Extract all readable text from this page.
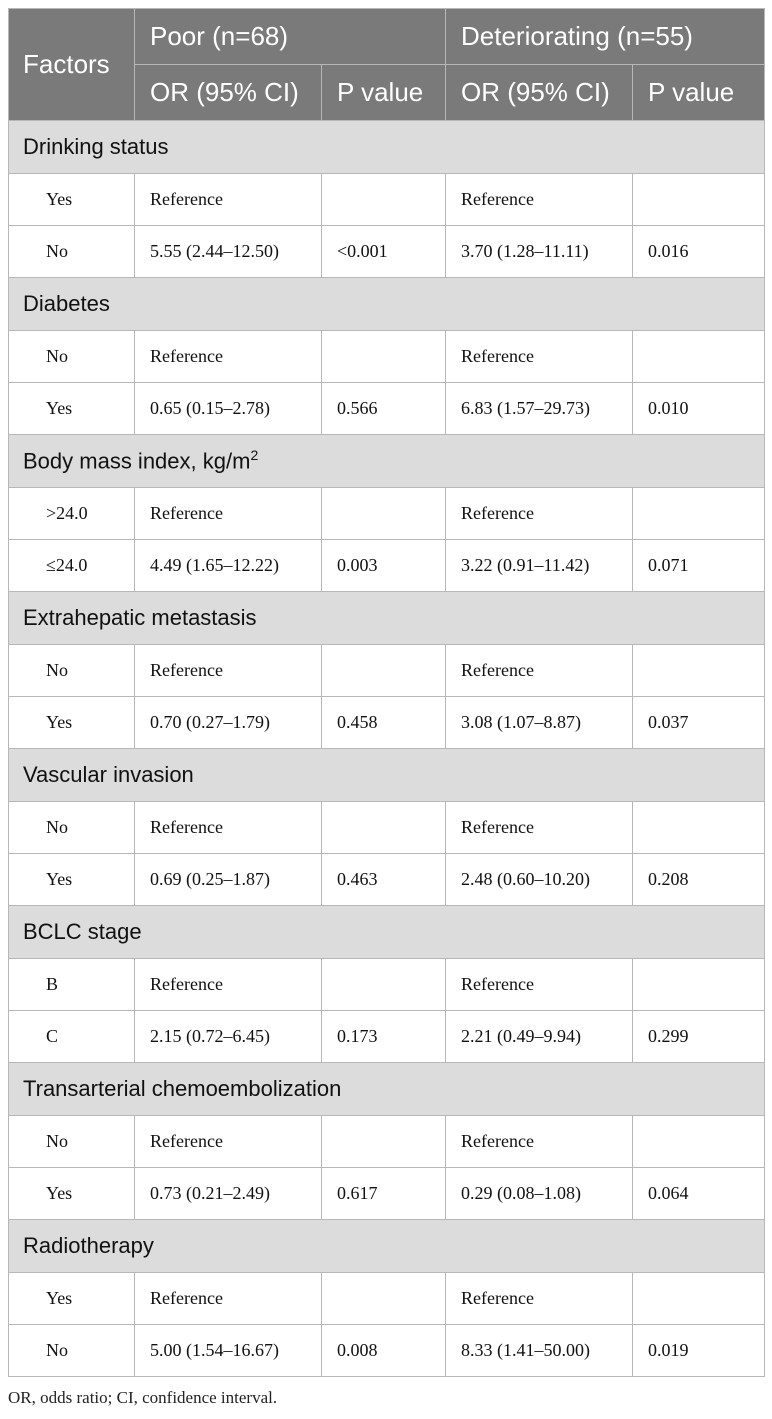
Factors	Poor (n=68)		Deteriorating (n=55)	
	OR (95% CI)	P value	OR (95% CI)	P value
Drinking status				
Yes	Reference		Reference	
No	5.55 (2.44–12.50)	<0.001	3.70 (1.28–11.11)	0.016
Diabetes				
No	Reference		Reference	
Yes	0.65 (0.15–2.78)	0.566	6.83 (1.57–29.73)	0.010
Body mass index, $kg/m^2$
>24.0	Reference		Reference	
≤24.0	4.49 (1.65–12.22)	0.003	3.22 (0.91–11.42)	0.071
Extrahepatic metastasis				
No	Reference		Reference	
Yes	0.70 (0.27–1.79)	0.458	3.08 (1.07–8.87)	0.037
Vascular invasion				
No	Reference		Reference	
Yes	0.69 (0.25–1.87)	0.463	2.48 (0.60–10.20)	0.208
BCLC stage				
B	Reference		Reference	
C	2.15 (0.72–6.45)	0.173	2.21 (0.49–9.94)	0.299
Transarterial chemoembolization				
No	Reference		Reference	
Yes	0.73 (0.21–2.49)	0.617	0.29 (0.08–1.08)	0.064
Radiotherapy				
Yes	Reference		Reference	
No	5.00 (1.54–16.67)	0.008	8.33 (1.41–50.00)	0.019
OR, odds ratio; CI, confidence interval.
